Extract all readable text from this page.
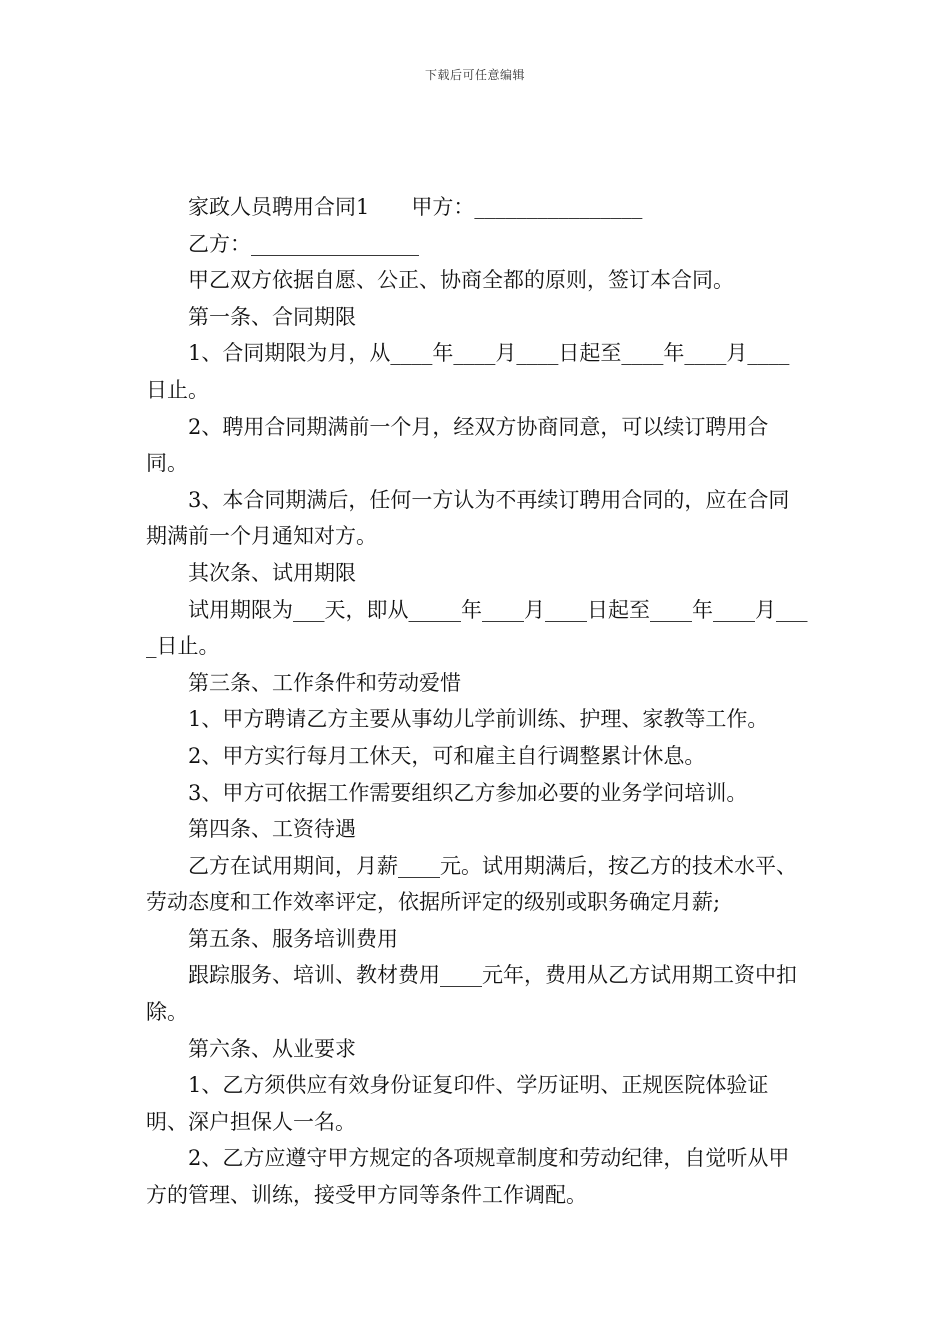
下载后可任意编辑

家政人员聘用合同1　　甲方：________________

乙方：________________

甲乙双方依据自愿、公正、协商全都的原则，签订本合同。

第一条、合同期限

1、合同期限为月，从____年____月____日起至____年____月____日止。

2、聘用合同期满前一个月，经双方协商同意，可以续订聘用合同。

3、本合同期满后，任何一方认为不再续订聘用合同的，应在合同期满前一个月通知对方。

其次条、试用期限

试用期限为___天，即从_____年____月____日起至____年____月____日止。

第三条、工作条件和劳动爱惜

1、甲方聘请乙方主要从事幼儿学前训练、护理、家教等工作。

2、甲方实行每月工休天，可和雇主自行调整累计休息。

3、甲方可依据工作需要组织乙方参加必要的业务学问培训。

第四条、工资待遇

乙方在试用期间，月薪____元。试用期满后，按乙方的技术水平、劳动态度和工作效率评定，依据所评定的级别或职务确定月薪;

第五条、服务培训费用

跟踪服务、培训、教材费用____元年，费用从乙方试用期工资中扣除。

第六条、从业要求

1、乙方须供应有效身份证复印件、学历证明、正规医院体验证明、深户担保人一名。

2、乙方应遵守甲方规定的各项规章制度和劳动纪律，自觉听从甲方的管理、训练，接受甲方同等条件工作调配。
